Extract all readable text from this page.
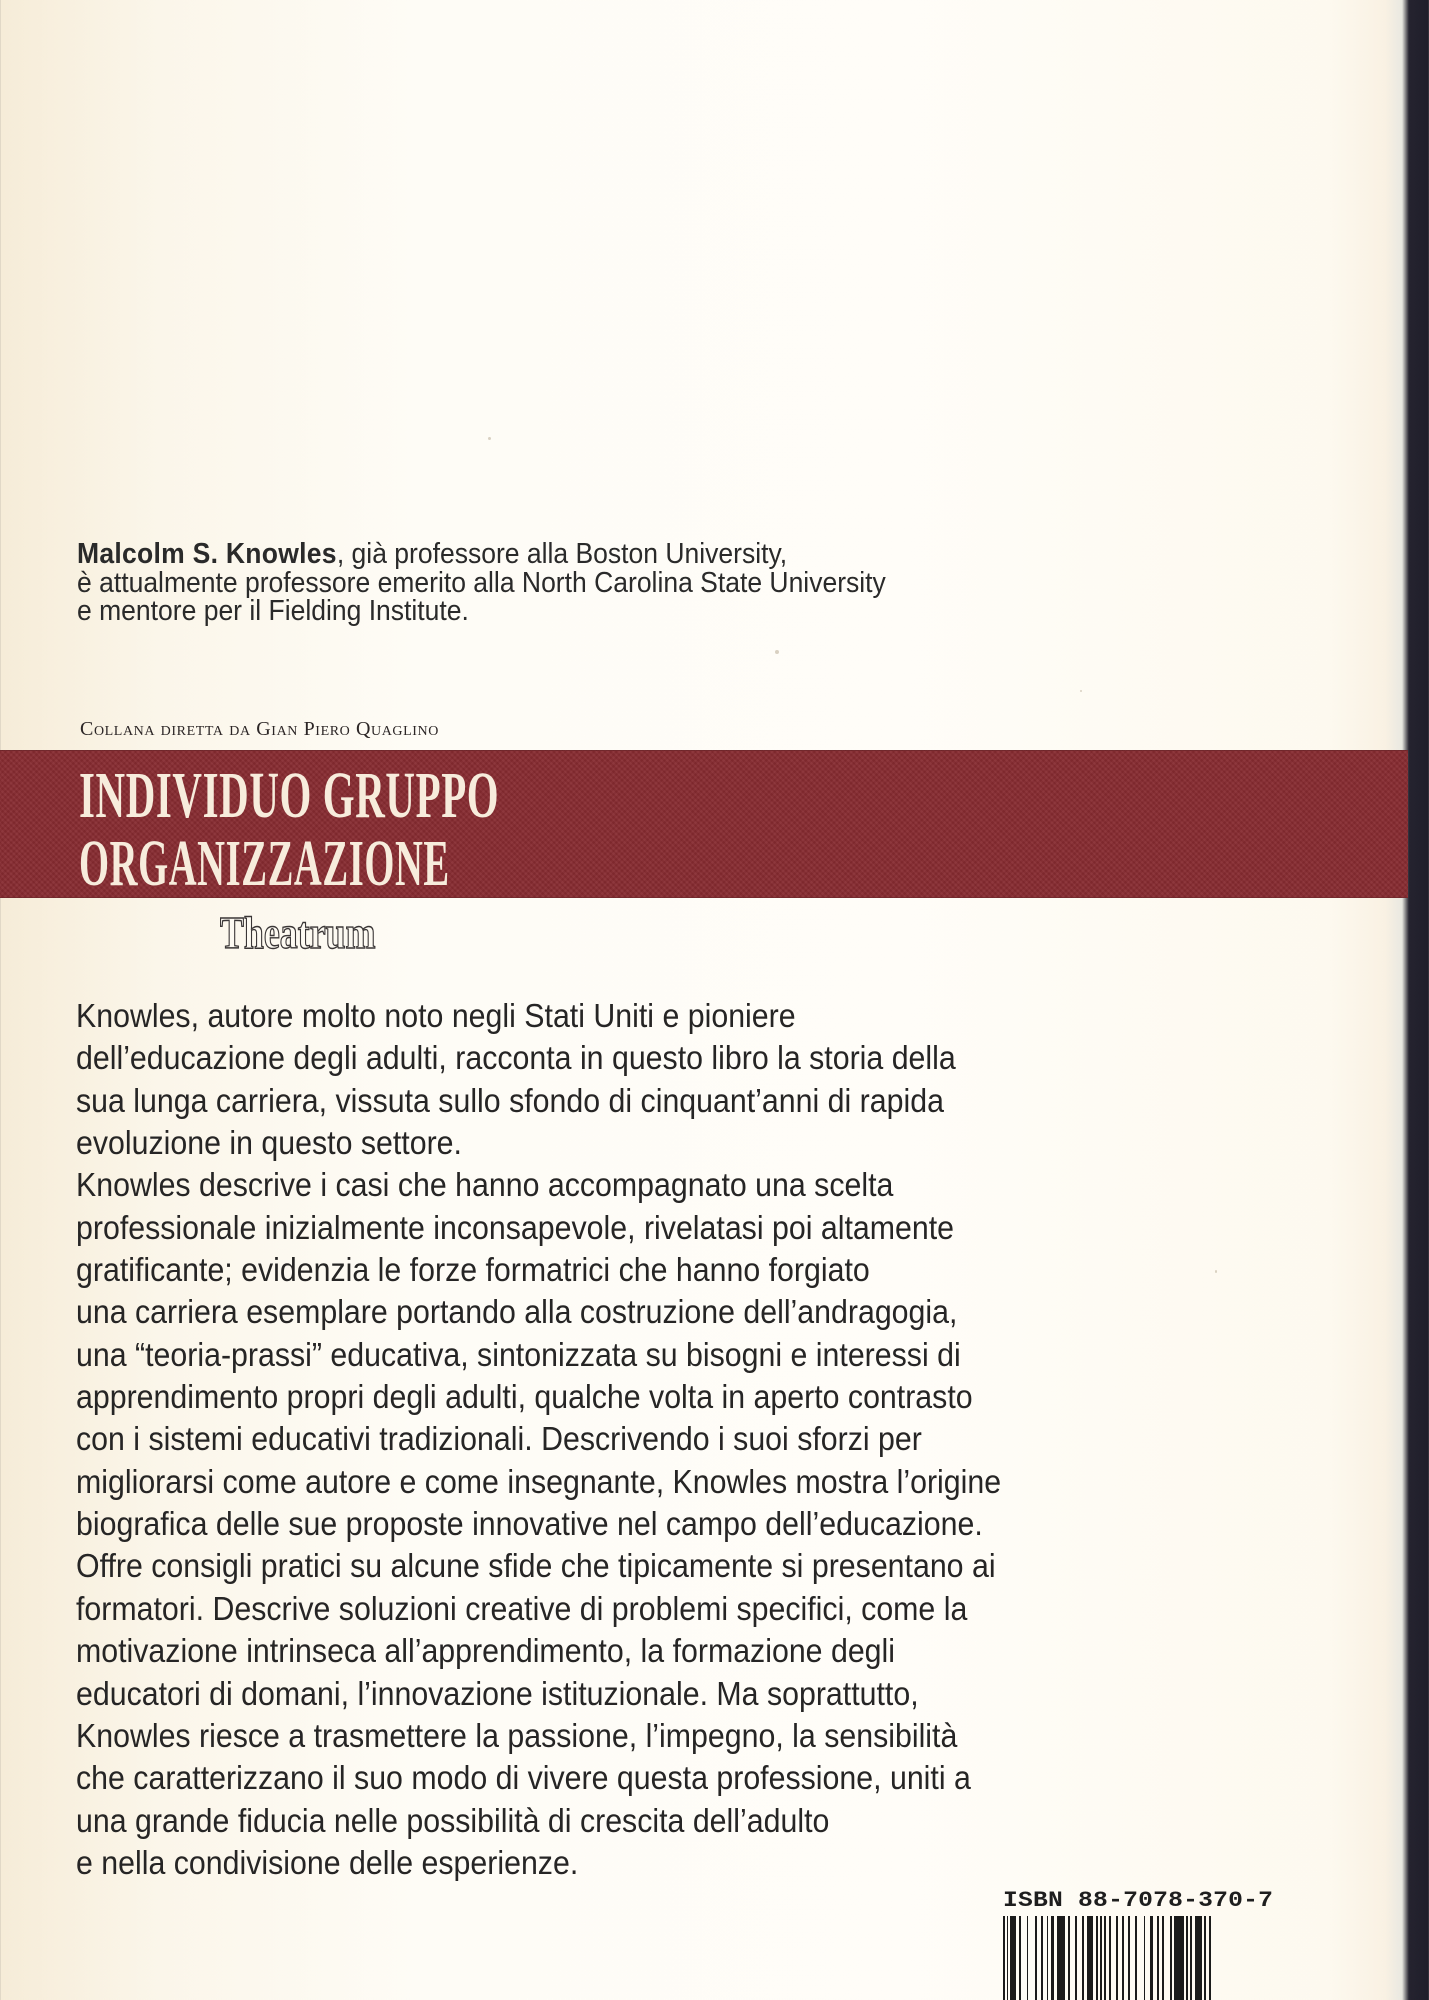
Malcolm S. Knowles, già professore alla Boston University,
è attualmente professore emerito alla North Carolina State University
e mentore per il Fielding Institute.
Collana diretta da Gian Piero Quaglino
INDIVIDUO GRUPPO
ORGANIZZAZIONE
Theatrum
Knowles, autore molto noto negli Stati Uniti e pioniere
dell’educazione degli adulti, racconta in questo libro la storia della
sua lunga carriera, vissuta sullo sfondo di cinquant’anni di rapida
evoluzione in questo settore.
Knowles descrive i casi che hanno accompagnato una scelta
professionale inizialmente inconsapevole, rivelatasi poi altamente
gratificante; evidenzia le forze formatrici che hanno forgiato
una carriera esemplare portando alla costruzione dell’andragogia,
una “teoria-prassi” educativa, sintonizzata su bisogni e interessi di
apprendimento propri degli adulti, qualche volta in aperto contrasto
con i sistemi educativi tradizionali. Descrivendo i suoi sforzi per
migliorarsi come autore e come insegnante, Knowles mostra l’origine
biografica delle sue proposte innovative nel campo dell’educazione.
Offre consigli pratici su alcune sfide che tipicamente si presentano ai
formatori. Descrive soluzioni creative di problemi specifici, come la
motivazione intrinseca all’apprendimento, la formazione degli
educatori di domani, l’innovazione istituzionale. Ma soprattutto,
Knowles riesce a trasmettere la passione, l’impegno, la sensibilità
che caratterizzano il suo modo di vivere questa professione, uniti a
una grande fiducia nelle possibilità di crescita dell’adulto
e nella condivisione delle esperienze.
ISBN 88-7078-370-7
